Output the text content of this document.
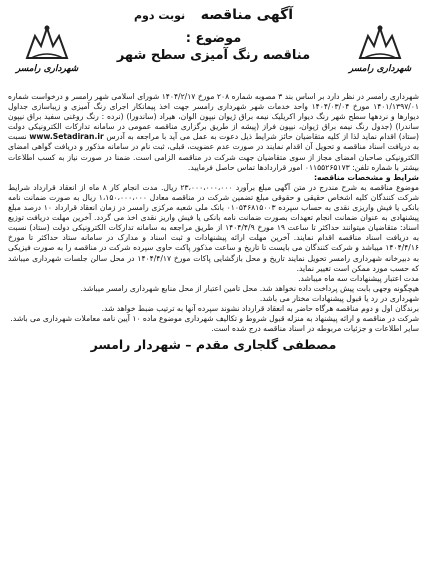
شهرداری رامسر	شهرداری رامسر
آگهی مناقصه نوبت دوم
موضوع :
مناقصه رنگ آمیزی سطح شهر

شهرداری رامسر در نظر دارد بر اساس بند ۳ مصوبه شماره ۲۰۸ مورخ ۱۴۰۴/۲/۱۷ شورای اسلامی شهر رامسر و درخواست شماره ۱۴۰۱/۱۳۹۷/۰۱ مورخ ۱۴۰۴/۰۳/۰۴ واحد خدمات شهر شهرداری رامسر جهت اخذ پیمانکار اجرای رنگ آمیزی و زیباسازی جداول دیوارها و نردهها سطح شهر رنگ دیوار اکریلیک نیمه براق ژیوان نیپون الوان، هیراد (ساندورا) (نرده : رنگ روغنی سفید براق نیپون ساندرا) (جدول رنگ نیمه براق ژیوان، نیپون فراز (پیشه از طریق برگزاری مناقصه عمومی در سامانه تدارکات الکترونیکی دولت (ستاد) اقدام نماید لذا از کلیه متقاضیان حائز شرایط ذیل دعوت به عمل می آید با مراجعه به آدرس www.Setadiran.ir نسبت به دریافت اسناد مناقصه و تحویل آن اقدام نمایند در صورت عدم عضویت، قبلی، ثبت نام در سامانه مذکور و دریافت گواهی امضای الکترونیکی صاحبان امضای مجاز از سوی متقاضیان جهت شرکت در مناقصه الزامی است. ضمنا در صورت نیاز به کسب اطلاعات بیشتر با شماره تلفن: ۰۱۱۵۵۲۶۵۱۷۳ امور قراردادها تماس حاصل فرمایید.

شرایط و مشخصات مناقصه:

موضوع مناقصه به شرح مندرج در متن آگهی مبلغ برآورد ۲۳،۰۰۰،۰۰۰،۰۰۰ ریال. مدت انجام کار ۸ ماه از انعقاد قرارداد شرایط شرکت کنندگان کلیه اشخاص حقیقی و حقوقی مبلغ تضمین شرکت در مناقصه معادل ۱،۱۵۰،۰۰۰،۰۰۰ ریال به صورت ضمانت نامه بانکی یا فیش واریزی نقدی به حساب سپرده ۰۱۰۵۴۶۸۱۵۰۰۳ بانک ملی شعبه مرکزی رامسر در زمان انعقاد قرارداد ۱۰ درصد مبلغ پیشنهادی به عنوان ضمانت انجام تعهدات بصورت ضمانت نامه بانکی یا فیش واریز نقدی اخذ می گردد. آخرین مهلت دریافت توزیع اسناد: متقاضیان میتوانند حداکثر تا ساعت ۱۹ مورخ ۱۴۰۴/۴/۹ از طریق مراجعه به سامانه تدارکات الکترونیکی دولت (ستاد) نسبت به دریافت اسناد مناقصه اقدام نمایند. آخرین مهلت ارائه پیشنهادات و ثبت اسناد و مدارک در سامانه ستاد حداکثر تا مورخ ۱۴۰۴/۴/۱۶ میباشد و شرکت کنندگان می بایست تا تاریخ و ساعت مذکور پاکت حاوی سپرده شرکت در مناقصه را به صورت فیزیکی به دبیرخانه شهرداری رامسر تحویل نمایند تاریخ و محل بازگشایی پاکات مورخ ۱۴۰۴/۴/۱۷ در محل سالن جلسات شهرداری میباشد که حسب مورد ممکن است تغییر نماید.

مدت اعتبار پیشنهادات سه ماه میباشد.

هیچگونه وجهی بابت پیش پرداخت داده نخواهد شد. محل تامین اعتبار از محل منابع شهرداری رامسر میباشد.

شهرداری در رد یا قبول پیشنهادات مختار می باشد.

برندگان اول و دوم مناقصه هرگاه حاضر به انعقاد قرارداد نشوند سپرده آنها به ترتیب ضبط خواهد شد.

شرکت در مناقصه و ارائه پیشنهاد به منزله قبول شروط و تکالیف شهرداری موضوع ماده ۱۰ آیین نامه معاملات شهرداری می باشد.

سایر اطلاعات و جزئیات مربوطه در اسناد مناقصه درج شده است.

مصطفی گلجاری مقدم – شهردار رامسر
